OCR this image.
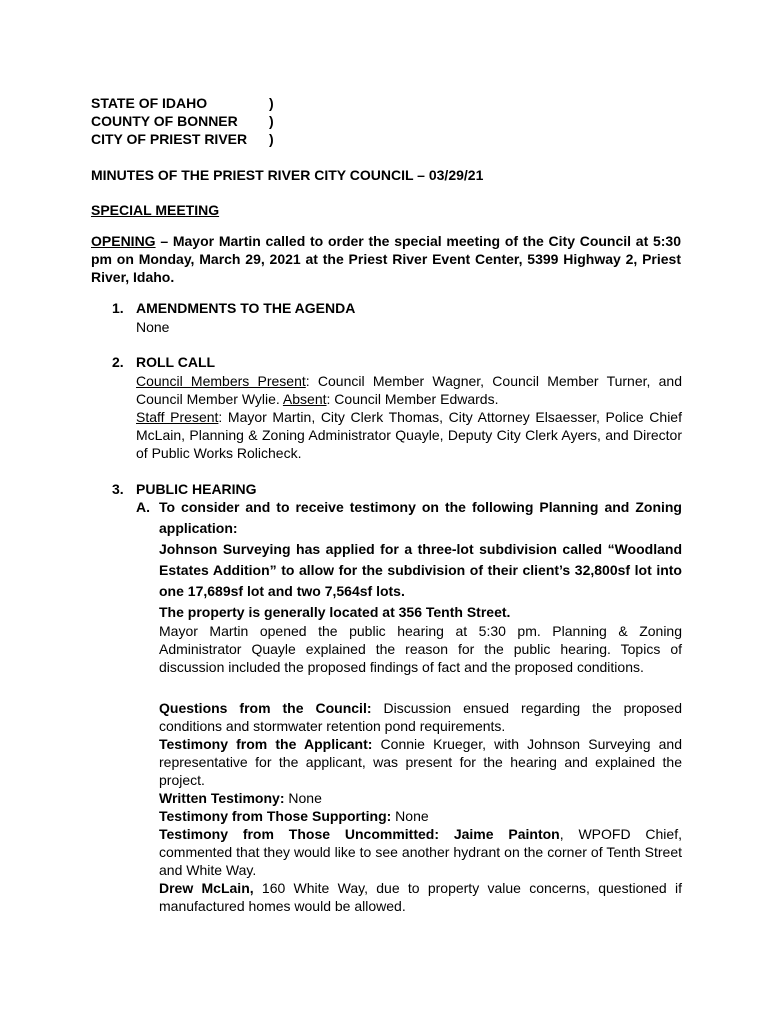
STATE OF IDAHO	)
COUNTY OF BONNER	)
CITY OF PRIEST RIVER	)
MINUTES OF THE PRIEST RIVER CITY COUNCIL – 03/29/21
SPECIAL MEETING
OPENING – Mayor Martin called to order the special meeting of the City Council at 5:30 pm on Monday, March 29, 2021 at the Priest River Event Center, 5399 Highway 2, Priest River, Idaho.
1. AMENDMENTS TO THE AGENDA
None
2. ROLL CALL
Council Members Present: Council Member Wagner, Council Member Turner, and Council Member Wylie. Absent: Council Member Edwards.
Staff Present: Mayor Martin, City Clerk Thomas, City Attorney Elsaesser, Police Chief McLain, Planning & Zoning Administrator Quayle, Deputy City Clerk Ayers, and Director of Public Works Rolicheck.
3. PUBLIC HEARING
A. To consider and to receive testimony on the following Planning and Zoning application:
Johnson Surveying has applied for a three-lot subdivision called “Woodland Estates Addition” to allow for the subdivision of their client’s 32,800sf lot into one 17,689sf lot and two 7,564sf lots.
The property is generally located at 356 Tenth Street.
Mayor Martin opened the public hearing at 5:30 pm. Planning & Zoning Administrator Quayle explained the reason for the public hearing. Topics of discussion included the proposed findings of fact and the proposed conditions.
Questions from the Council: Discussion ensued regarding the proposed conditions and stormwater retention pond requirements.
Testimony from the Applicant: Connie Krueger, with Johnson Surveying and representative for the applicant, was present for the hearing and explained the project.
Written Testimony: None
Testimony from Those Supporting: None
Testimony from Those Uncommitted: Jaime Painton, WPOFD Chief, commented that they would like to see another hydrant on the corner of Tenth Street and White Way.
Drew McLain, 160 White Way, due to property value concerns, questioned if manufactured homes would be allowed.
